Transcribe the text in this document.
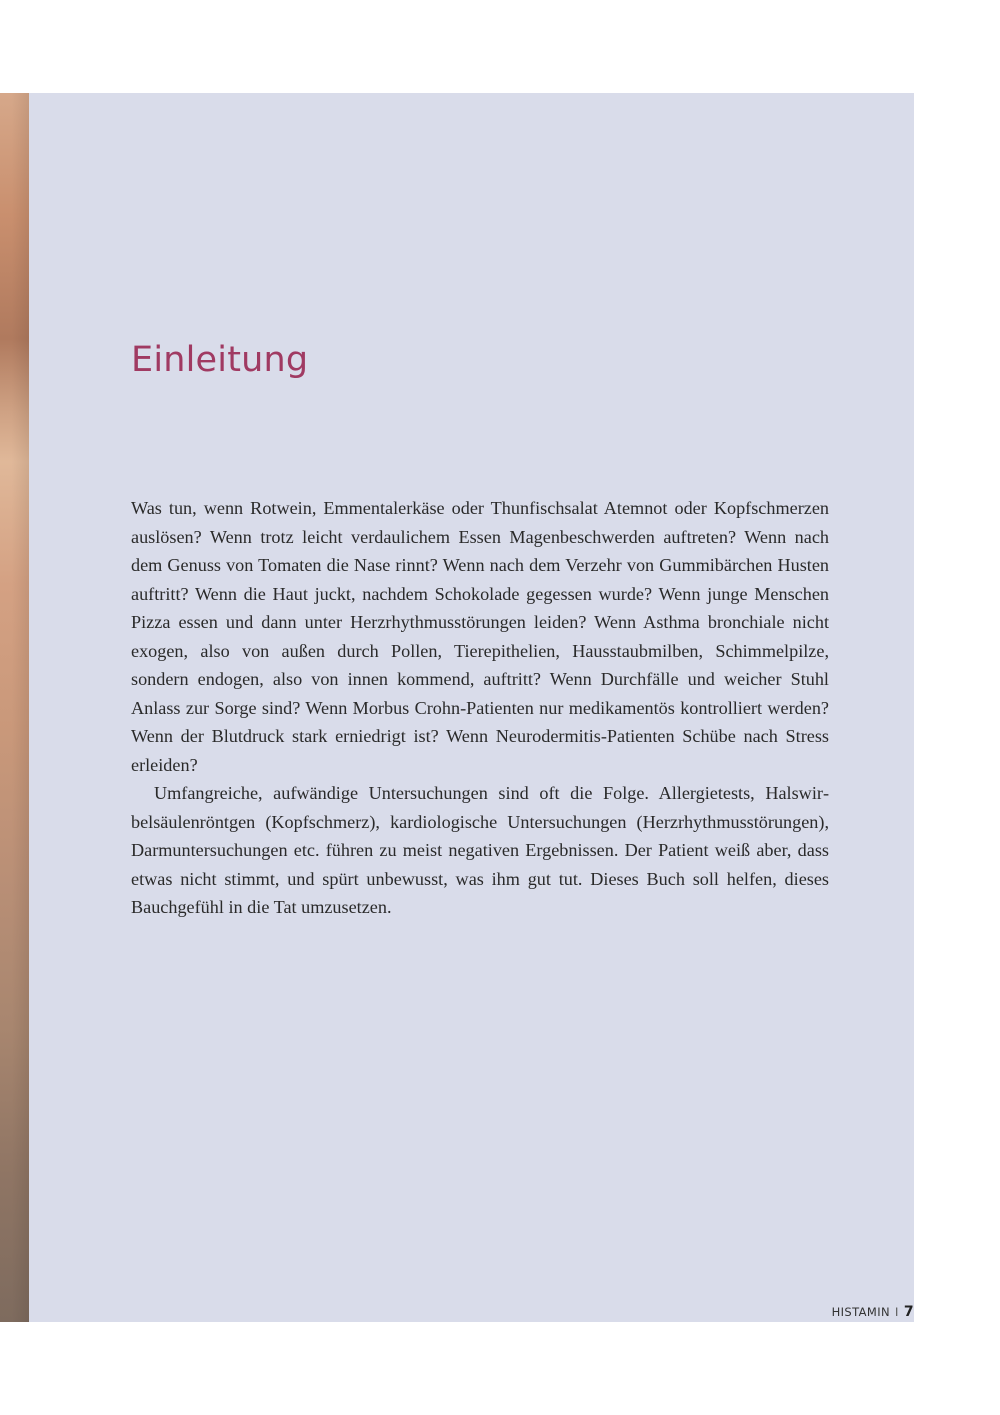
Einleitung

Was tun, wenn Rotwein, Emmentalerkäse oder Thunfischsalat Atemnot oder Kopfschmerzen auslösen? Wenn trotz leicht verdaulichem Essen Magenbeschwerden auftreten? Wenn nach dem Genuss von Tomaten die Nase rinnt? Wenn nach dem Verzehr von Gummibärchen Husten auftritt? Wenn die Haut juckt, nachdem Schokolade gegessen wurde? Wenn junge Menschen Pizza essen und dann unter Herzrhythmusstörungen leiden? Wenn Asthma bronchiale nicht exogen, also von außen durch Pollen, Tierepithelien, Hausstaubmilben, Schimmelpilze, sondern endogen, also von innen kommend, auftritt? Wenn Durchfälle und weicher Stuhl Anlass zur Sorge sind? Wenn Morbus Crohn-Patienten nur medikamentös kontrolliert werden? Wenn der Blutdruck stark erniedrigt ist? Wenn Neurodermitis-Patienten Schübe nach Stress erleiden?

Umfangreiche, aufwändige Untersuchungen sind oft die Folge. Allergietests, Halswirbelsäulenröntgen (Kopfschmerz), kardiologische Untersuchungen (Herzrhythmusstörungen), Darmuntersuchungen etc. führen zu meist negativen Ergebnissen. Der Patient weiß aber, dass etwas nicht stimmt, und spürt unbewusst, was ihm gut tut. Dieses Buch soll helfen, dieses Bauchgefühl in die Tat umzusetzen.

HISTAMIN I 7
